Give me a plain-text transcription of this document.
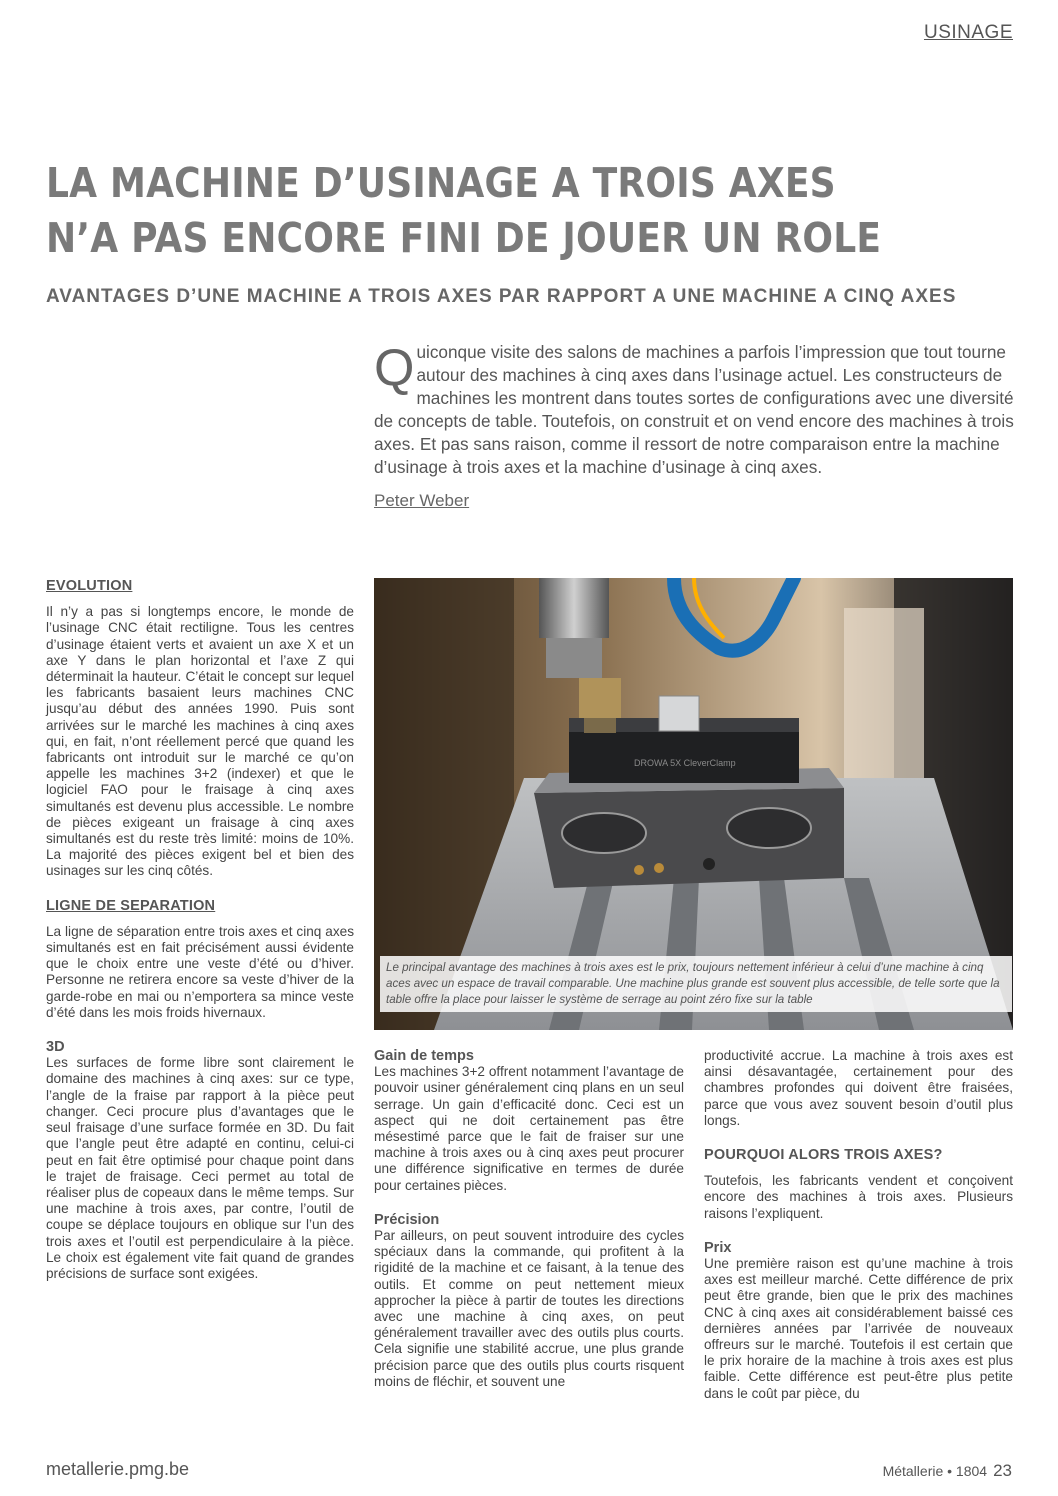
USINAGE
LA MACHINE D’USINAGE A TROIS AXES
N’A PAS ENCORE FINI DE JOUER UN ROLE
AVANTAGES D’UNE MACHINE A TROIS AXES PAR RAPPORT A UNE MACHINE A CINQ AXES

Quiconque visite des salons de machines a parfois l’impression que tout tourne autour des machines à cinq axes dans l’usinage actuel. Les constructeurs de machines les montrent dans toutes sortes de configurations avec une diversité de concepts de table. Toutefois, on construit et on vend encore des machines à trois axes. Et pas sans raison, comme il ressort de notre comparaison entre la machine d’usinage à trois axes et la machine d’usinage à cinq axes.

Peter Weber
EVOLUTION

Il n’y a pas si longtemps encore, le monde de l’usinage CNC était rectiligne. Tous les centres d’usinage étaient verts et avaient un axe X et un axe Y dans le plan horizontal et l’axe Z qui déterminait la hauteur. C’était le concept sur lequel les fabricants basaient leurs machines CNC jusqu’au début des années 1990. Puis sont arrivées sur le marché les machines à cinq axes qui, en fait, n’ont réellement percé que quand les fabricants ont introduit sur le marché ce qu’on appelle les machines 3+2 (indexer) et que le logiciel FAO pour le fraisage à cinq axes simultanés est devenu plus accessible. Le nombre de pièces exigeant un fraisage à cinq axes simultanés est du reste très limité: moins de 10%. La majorité des pièces exigent bel et bien des usinages sur les cinq côtés.

LIGNE DE SEPARATION

La ligne de séparation entre trois axes et cinq axes simultanés est en fait précisément aussi évidente que le choix entre une veste d’été ou d’hiver. Personne ne retirera encore sa veste d’hiver de la garde-robe en mai ou n’emportera sa mince veste d’été dans les mois froids hivernaux.

3D

Les surfaces de forme libre sont clairement le domaine des machines à cinq axes: sur ce type, l’angle de la fraise par rapport à la pièce peut changer. Ceci procure plus d’avantages que le seul fraisage d’une surface formée en 3D. Du fait que l’angle peut être adapté en continu, celui-ci peut en fait être optimisé pour chaque point dans le trajet de fraisage. Ceci permet au total de réaliser plus de copeaux dans le même temps. Sur une machine à trois axes, par contre, l’outil de coupe se déplace toujours en oblique sur l’un des trois axes et l’outil est perpendiculaire à la pièce. Le choix est également vite fait quand de grandes précisions de surface sont exigées.

DROWA 5X CleverClamp
Le principal avantage des machines à trois axes est le prix, toujours nettement inférieur à celui d’une machine à cinq aces avec un espace de travail comparable. Une machine plus grande est souvent plus accessible, de telle sorte que la table offre la place pour laisser le système de serrage au point zéro fixe sur la table
Gain de temps

Les machines 3+2 offrent notamment l’avantage de pouvoir usiner généralement cinq plans en un seul serrage. Un gain d’efficacité donc. Ceci est un aspect qui ne doit certainement pas être mésestimé parce que le fait de fraiser sur une machine à trois axes ou à cinq axes peut procurer une différence significative en termes de durée pour certaines pièces.

Précision

Par ailleurs, on peut souvent introduire des cycles spéciaux dans la commande, qui profitent à la rigidité de la machine et ce faisant, à la tenue des outils. Et comme on peut nettement mieux approcher la pièce à partir de toutes les directions avec une machine à cinq axes, on peut généralement travailler avec des outils plus courts. Cela signifie une stabilité accrue, une plus grande précision parce que des outils plus courts risquent moins de fléchir, et souvent une

productivité accrue. La machine à trois axes est ainsi désavantagée, certainement pour des chambres profondes qui doivent être fraisées, parce que vous avez souvent besoin d’outil plus longs.

POURQUOI ALORS TROIS AXES?

Toutefois, les fabricants vendent et conçoivent encore des machines à trois axes. Plusieurs raisons l’expliquent.

Prix

Une première raison est qu’une machine à trois axes est meilleur marché. Cette différence de prix peut être grande, bien que le prix des machines CNC à cinq axes ait considérablement baissé ces dernières années par l’arrivée de nouveaux offreurs sur le marché. Toutefois il est certain que le prix horaire de la machine à trois axes est plus faible. Cette différence est peut-être plus petite dans le coût par pièce, du

metallerie.pmg.be	Métallerie • 1804 23
